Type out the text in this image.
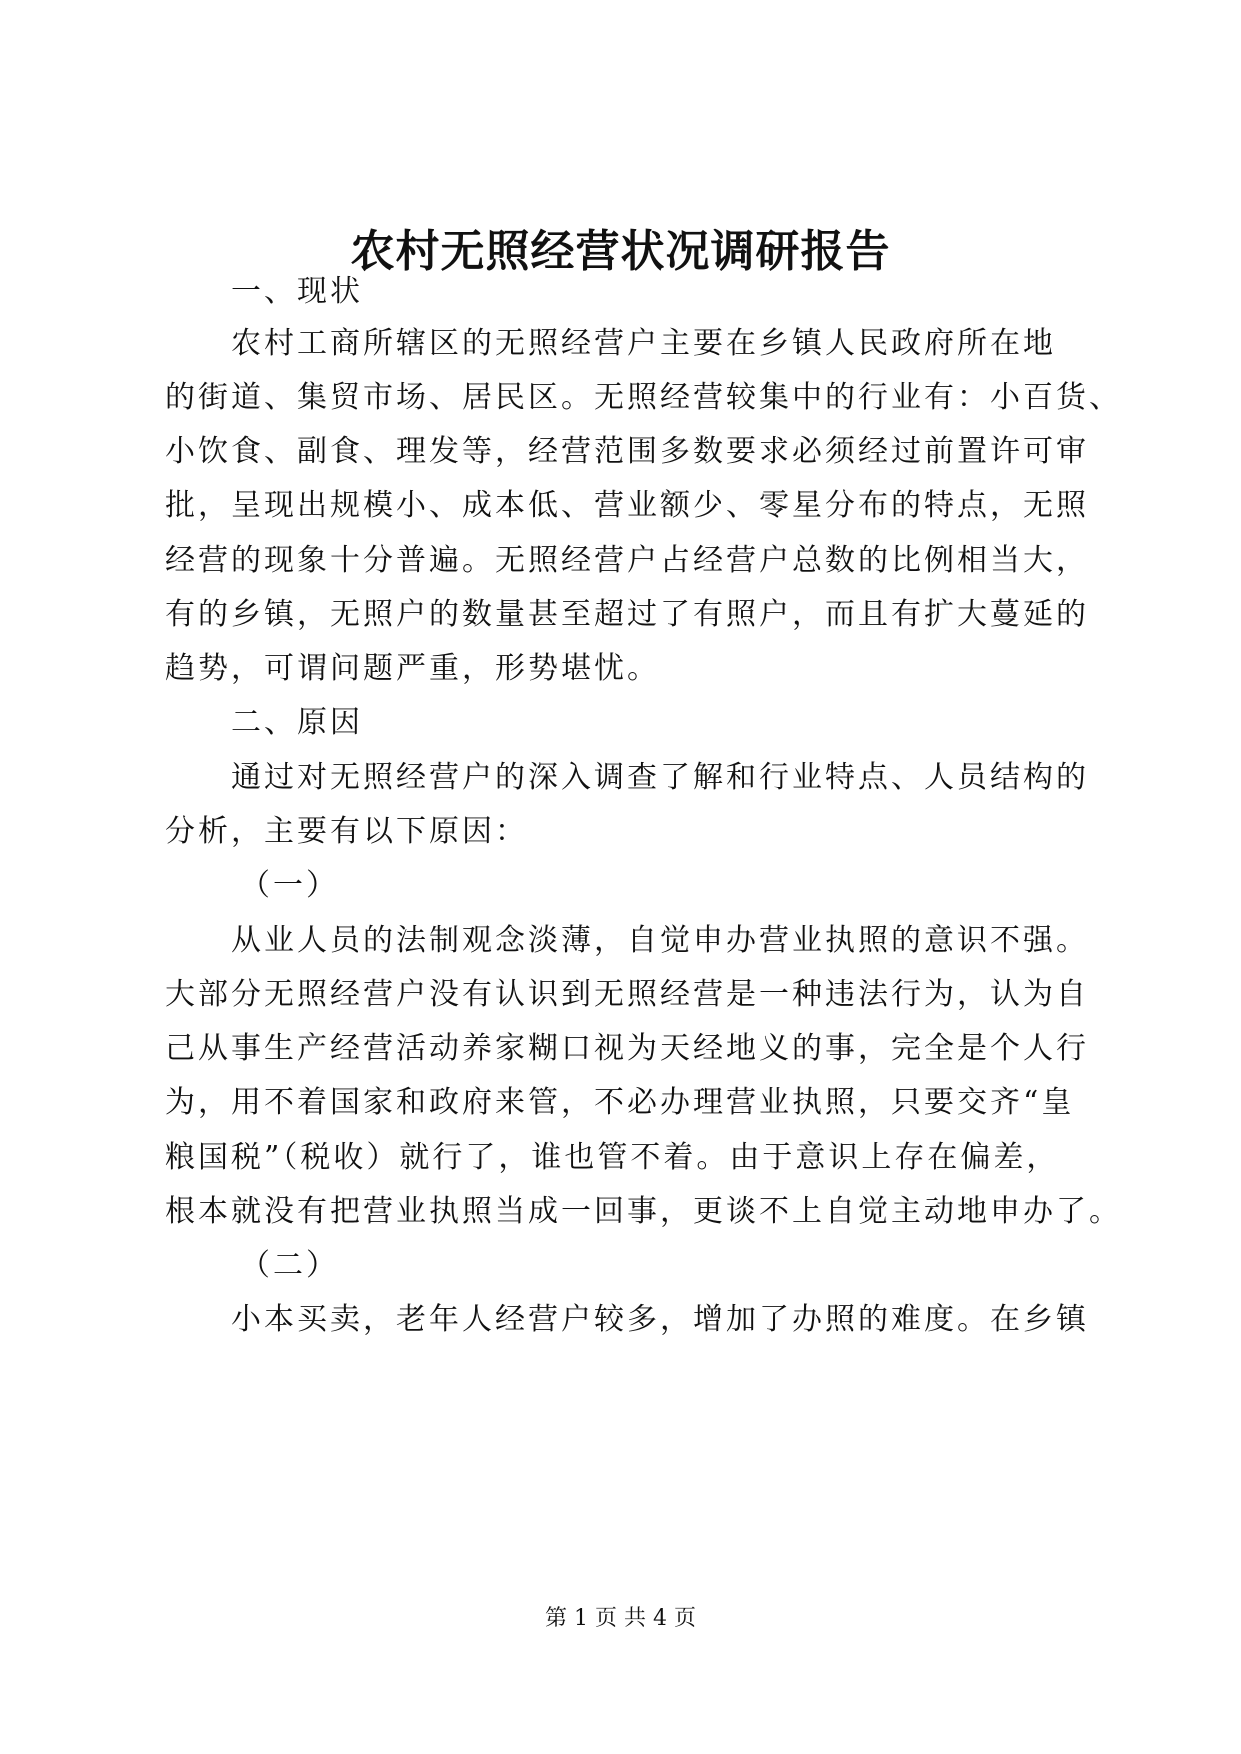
农村无照经营状况调研报告
一、现状
农村工商所辖区的无照经营户主要在乡镇人民政府所在地
的街道、集贸市场、居民区。无照经营较集中的行业有：小百货、
小饮食、副食、理发等，经营范围多数要求必须经过前置许可审
批，呈现出规模小、成本低、营业额少、零星分布的特点，无照
经营的现象十分普遍。无照经营户占经营户总数的比例相当大，
有的乡镇，无照户的数量甚至超过了有照户，而且有扩大蔓延的
趋势，可谓问题严重，形势堪忧。
二、原因
通过对无照经营户的深入调查了解和行业特点、人员结构的
分析，主要有以下原因：
（一）
从业人员的法制观念淡薄，自觉申办营业执照的意识不强。
大部分无照经营户没有认识到无照经营是一种违法行为，认为自
己从事生产经营活动养家糊口视为天经地义的事，完全是个人行
为，用不着国家和政府来管，不必办理营业执照，只要交齐“皇
粮国税”（税收）就行了，谁也管不着。由于意识上存在偏差，
根本就没有把营业执照当成一回事，更谈不上自觉主动地申办了。
（二）
小本买卖，老年人经营户较多，增加了办照的难度。在乡镇
第 1 页 共 4 页
